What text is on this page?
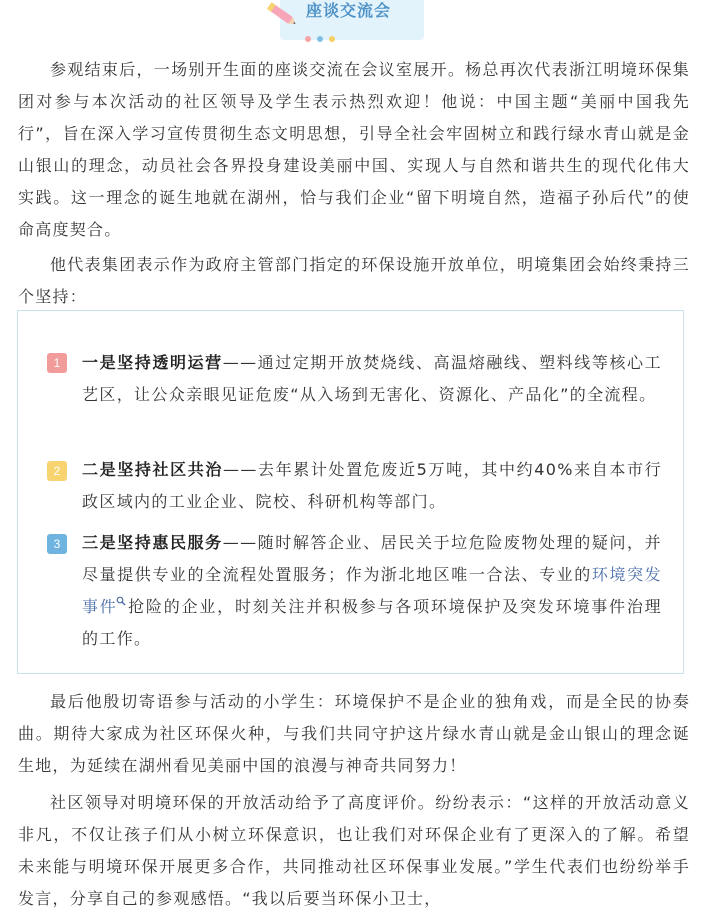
座谈交流会

参观结束后，一场别开生面的座谈交流在会议室展开。杨总再次代表浙江明境环保集团对参与本次活动的社区领导及学生表示热烈欢迎！他说：中国主题“美丽中国我先行”，旨在深入学习宣传贯彻生态文明思想，引导全社会牢固树立和践行绿水青山就是金山银山的理念，动员社会各界投身建设美丽中国、实现人与自然和谐共生的现代化伟大实践。这一理念的诞生地就在湖州，恰与我们企业“留下明境自然，造福子孙后代”的使命高度契合。

他代表集团表示作为政府主管部门指定的环保设施开放单位，明境集团会始终秉持三个坚持：

1	一是坚持透明运营——通过定期开放焚烧线、高温熔融线、塑料线等核心工艺区，让公众亲眼见证危废“从入场到无害化、资源化、产品化”的全流程。

2	二是坚持社区共治——去年累计处置危废近5万吨，其中约40%来自本市行政区域内的工业企业、院校、科研机构等部门。

3	三是坚持惠民服务——随时解答企业、居民关于垃危险废物处理的疑问，并尽量提供专业的全流程处置服务；作为浙北地区唯一合法、专业的环境突发事件 抢险的企业，时刻关注并积极参与各项环境保护及突发环境事件治理的工作。

最后他殷切寄语参与活动的小学生：环境保护不是企业的独角戏，而是全民的协奏曲。期待大家成为社区环保火种，与我们共同守护这片绿水青山就是金山银山的理念诞生地，为延续在湖州看见美丽中国的浪漫与神奇共同努力！

社区领导对明境环保的开放活动给予了高度评价。纷纷表示：“这样的开放活动意义非凡，不仅让孩子们从小树立环保意识，也让我们对环保企业有了更深入的了解。希望未来能与明境环保开展更多合作，共同推动社区环保事业发展。”学生代表们也纷纷举手发言，分享自己的参观感悟。“我以后要当环保小卫士，
